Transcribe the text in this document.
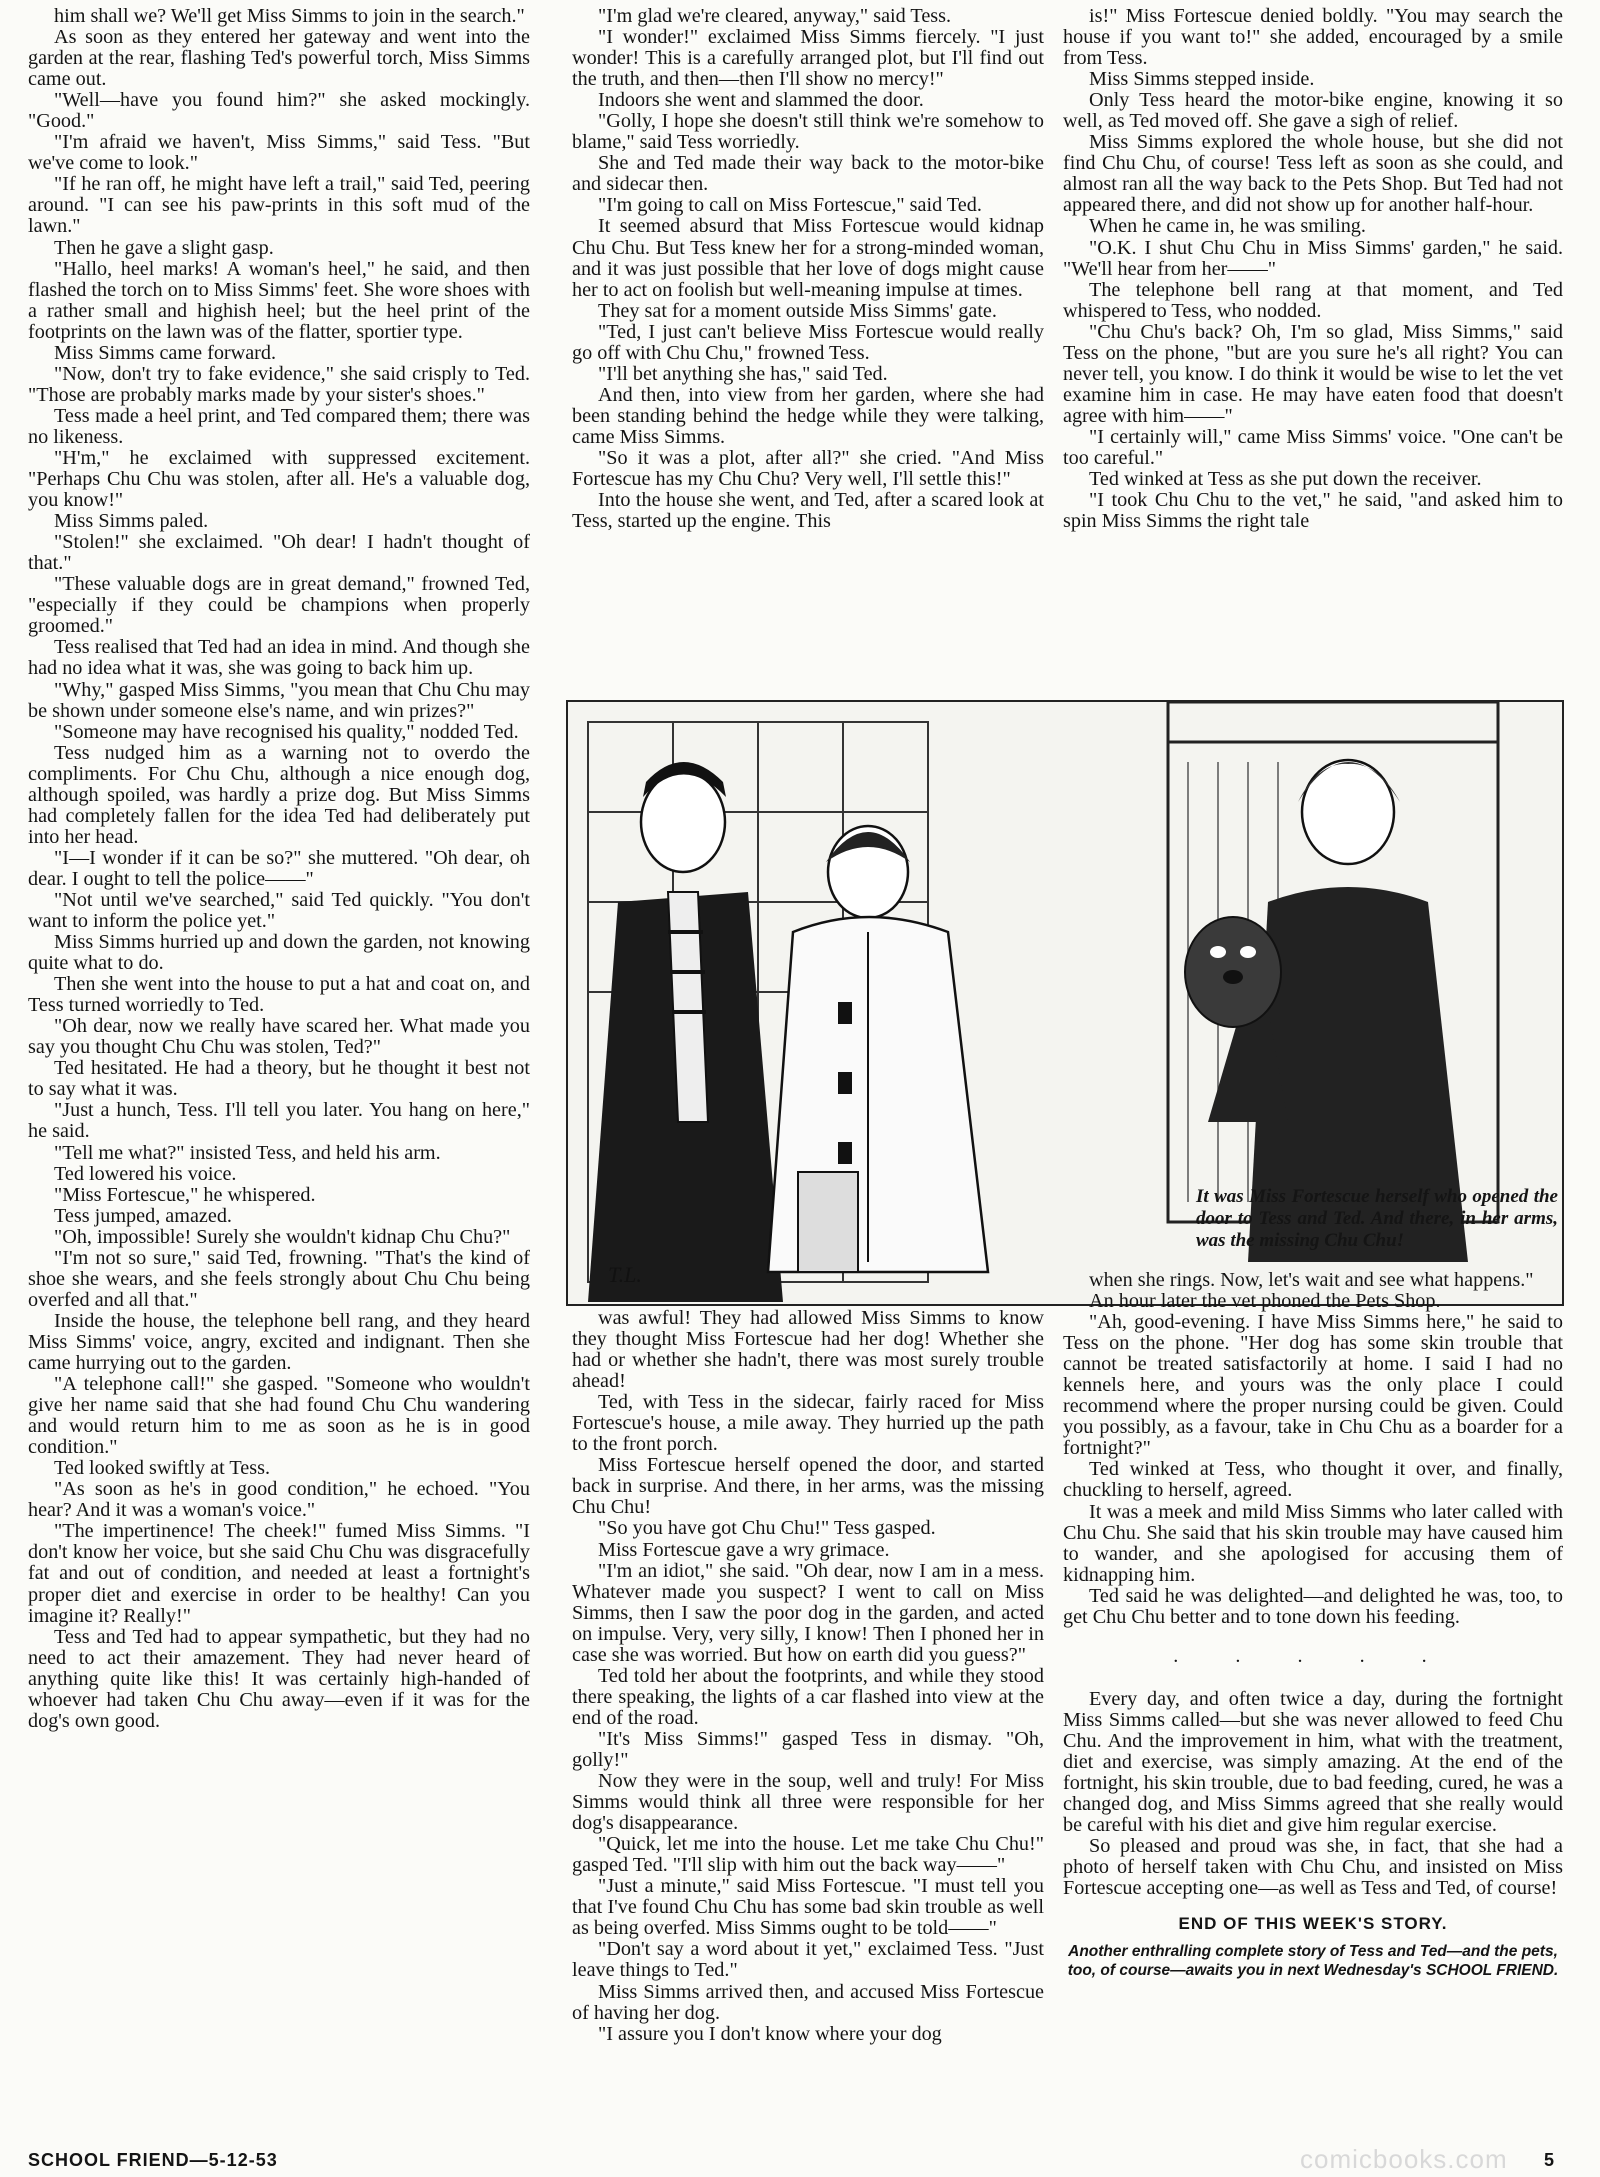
him shall we? We'll get Miss Simms to join in the search."

As soon as they entered her gateway and went into the garden at the rear, flashing Ted's powerful torch, Miss Simms came out.

"Well—have you found him?" she asked mockingly. "Good."

"I'm afraid we haven't, Miss Simms," said Tess. "But we've come to look."

"If he ran off, he might have left a trail," said Ted, peering around. "I can see his paw-prints in this soft mud of the lawn."

Then he gave a slight gasp.

"Hallo, heel marks! A woman's heel," he said, and then flashed the torch on to Miss Simms' feet. She wore shoes with a rather small and highish heel; but the heel print of the footprints on the lawn was of the flatter, sportier type.

Miss Simms came forward.

"Now, don't try to fake evidence," she said crisply to Ted. "Those are probably marks made by your sister's shoes."

Tess made a heel print, and Ted compared them; there was no likeness.

"H'm," he exclaimed with suppressed excitement. "Perhaps Chu Chu was stolen, after all. He's a valuable dog, you know!"

Miss Simms paled.

"Stolen!" she exclaimed. "Oh dear! I hadn't thought of that."

"These valuable dogs are in great demand," frowned Ted, "especially if they could be champions when properly groomed."

Tess realised that Ted had an idea in mind. And though she had no idea what it was, she was going to back him up.

"Why," gasped Miss Simms, "you mean that Chu Chu may be shown under someone else's name, and win prizes?"

"Someone may have recognised his quality," nodded Ted.

Tess nudged him as a warning not to overdo the compliments. For Chu Chu, although a nice enough dog, although spoiled, was hardly a prize dog. But Miss Simms had completely fallen for the idea Ted had deliberately put into her head.

"I—I wonder if it can be so?" she muttered. "Oh dear, oh dear. I ought to tell the police——"

"Not until we've searched," said Ted quickly. "You don't want to inform the police yet."

Miss Simms hurried up and down the garden, not knowing quite what to do.

Then she went into the house to put a hat and coat on, and Tess turned worriedly to Ted.

"Oh dear, now we really have scared her. What made you say you thought Chu Chu was stolen, Ted?"

Ted hesitated. He had a theory, but he thought it best not to say what it was.

"Just a hunch, Tess. I'll tell you later. You hang on here," he said.

"Tell me what?" insisted Tess, and held his arm.

Ted lowered his voice.

"Miss Fortescue," he whispered.

Tess jumped, amazed.

"Oh, impossible! Surely she wouldn't kidnap Chu Chu?"

"I'm not so sure," said Ted, frowning. "That's the kind of shoe she wears, and she feels strongly about Chu Chu being overfed and all that."

Inside the house, the telephone bell rang, and they heard Miss Simms' voice, angry, excited and indignant. Then she came hurrying out to the garden.

"A telephone call!" she gasped. "Someone who wouldn't give her name said that she had found Chu Chu wandering and would return him to me as soon as he is in good condition."

Ted looked swiftly at Tess.

"As soon as he's in good condition," he echoed. "You hear? And it was a woman's voice."

"The impertinence! The cheek!" fumed Miss Simms. "I don't know her voice, but she said Chu Chu was disgracefully fat and out of condition, and needed at least a fortnight's proper diet and exercise in order to be healthy! Can you imagine it? Really!"

Tess and Ted had to appear sympathetic, but they had no need to act their amazement. They had never heard of anything quite like this! It was certainly high-handed of whoever had taken Chu Chu away—even if it was for the dog's own good.

"I'm glad we're cleared, anyway," said Tess.

"I wonder!" exclaimed Miss Simms fiercely. "I just wonder! This is a carefully arranged plot, but I'll find out the truth, and then—then I'll show no mercy!"

Indoors she went and slammed the door.

"Golly, I hope she doesn't still think we're somehow to blame," said Tess worriedly.

She and Ted made their way back to the motor-bike and sidecar then.

"I'm going to call on Miss Fortescue," said Ted.

It seemed absurd that Miss Fortescue would kidnap Chu Chu. But Tess knew her for a strong-minded woman, and it was just possible that her love of dogs might cause her to act on foolish but well-meaning impulse at times.

They sat for a moment outside Miss Simms' gate.

"Ted, I just can't believe Miss Fortescue would really go off with Chu Chu," frowned Tess.

"I'll bet anything she has," said Ted.

And then, into view from her garden, where she had been standing behind the hedge while they were talking, came Miss Simms.

"So it was a plot, after all?" she cried. "And Miss Fortescue has my Chu Chu? Very well, I'll settle this!"

Into the house she went, and Ted, after a scared look at Tess, started up the engine. This

is!" Miss Fortescue denied boldly. "You may search the house if you want to!" she added, encouraged by a smile from Tess.

Miss Simms stepped inside.

Only Tess heard the motor-bike engine, knowing it so well, as Ted moved off. She gave a sigh of relief.

Miss Simms explored the whole house, but she did not find Chu Chu, of course! Tess left as soon as she could, and almost ran all the way back to the Pets Shop. But Ted had not appeared there, and did not show up for another half-hour.

When he came in, he was smiling.

"O.K. I shut Chu Chu in Miss Simms' garden," he said. "We'll hear from her——"

The telephone bell rang at that moment, and Ted whispered to Tess, who nodded.

"Chu Chu's back? Oh, I'm so glad, Miss Simms," said Tess on the phone, "but are you sure he's all right? You can never tell, you know. I do think it would be wise to let the vet examine him in case. He may have eaten food that doesn't agree with him——"

"I certainly will," came Miss Simms' voice. "One can't be too careful."

Ted winked at Tess as she put down the receiver.

"I took Chu Chu to the vet," he said, "and asked him to spin Miss Simms the right tale

T.L.
It was Miss Fortescue herself who opened the door to Tess and Ted. And there, in her arms, was the missing Chu Chu!

was awful! They had allowed Miss Simms to know they thought Miss Fortescue had her dog! Whether she had or whether she hadn't, there was most surely trouble ahead!

Ted, with Tess in the sidecar, fairly raced for Miss Fortescue's house, a mile away. They hurried up the path to the front porch.

Miss Fortescue herself opened the door, and started back in surprise. And there, in her arms, was the missing Chu Chu!

"So you have got Chu Chu!" Tess gasped.

Miss Fortescue gave a wry grimace.

"I'm an idiot," she said. "Oh dear, now I am in a mess. Whatever made you suspect? I went to call on Miss Simms, then I saw the poor dog in the garden, and acted on impulse. Very, very silly, I know! Then I phoned her in case she was worried. But how on earth did you guess?"

Ted told her about the footprints, and while they stood there speaking, the lights of a car flashed into view at the end of the road.

"It's Miss Simms!" gasped Tess in dismay. "Oh, golly!"

Now they were in the soup, well and truly! For Miss Simms would think all three were responsible for her dog's disappearance.

"Quick, let me into the house. Let me take Chu Chu!" gasped Ted. "I'll slip with him out the back way——"

"Just a minute," said Miss Fortescue. "I must tell you that I've found Chu Chu has some bad skin trouble as well as being overfed. Miss Simms ought to be told——"

"Don't say a word about it yet," exclaimed Tess. "Just leave things to Ted."

Miss Simms arrived then, and accused Miss Fortescue of having her dog.

"I assure you I don't know where your dog

when she rings. Now, let's wait and see what happens."

An hour later the vet phoned the Pets Shop.

"Ah, good-evening. I have Miss Simms here," he said to Tess on the phone. "Her dog has some skin trouble that cannot be treated satisfactorily at home. I said I had no kennels here, and yours was the only place I could recommend where the proper nursing could be given. Could you possibly, as a favour, take in Chu Chu as a boarder for a fortnight?"

Ted winked at Tess, who thought it over, and finally, chuckling to herself, agreed.

It was a meek and mild Miss Simms who later called with Chu Chu. She said that his skin trouble may have caused him to wander, and she apologised for accusing them of kidnapping him.

Ted said he was delighted—and delighted he was, too, to get Chu Chu better and to tone down his feeding.

. . . . .

Every day, and often twice a day, during the fortnight Miss Simms called—but she was never allowed to feed Chu Chu. And the improvement in him, what with the treatment, diet and exercise, was simply amazing. At the end of the fortnight, his skin trouble, due to bad feeding, cured, he was a changed dog, and Miss Simms agreed that she really would be careful with his diet and give him regular exercise.

So pleased and proud was she, in fact, that she had a photo of herself taken with Chu Chu, and insisted on Miss Fortescue accepting one—as well as Tess and Ted, of course!

END OF THIS WEEK'S STORY.
Another enthralling complete story of Tess and Ted—and the pets, too, of course—awaits you in next Wednesday's SCHOOL FRIEND.
comicbooks.com
SCHOOL FRIEND—5-12-53	5
